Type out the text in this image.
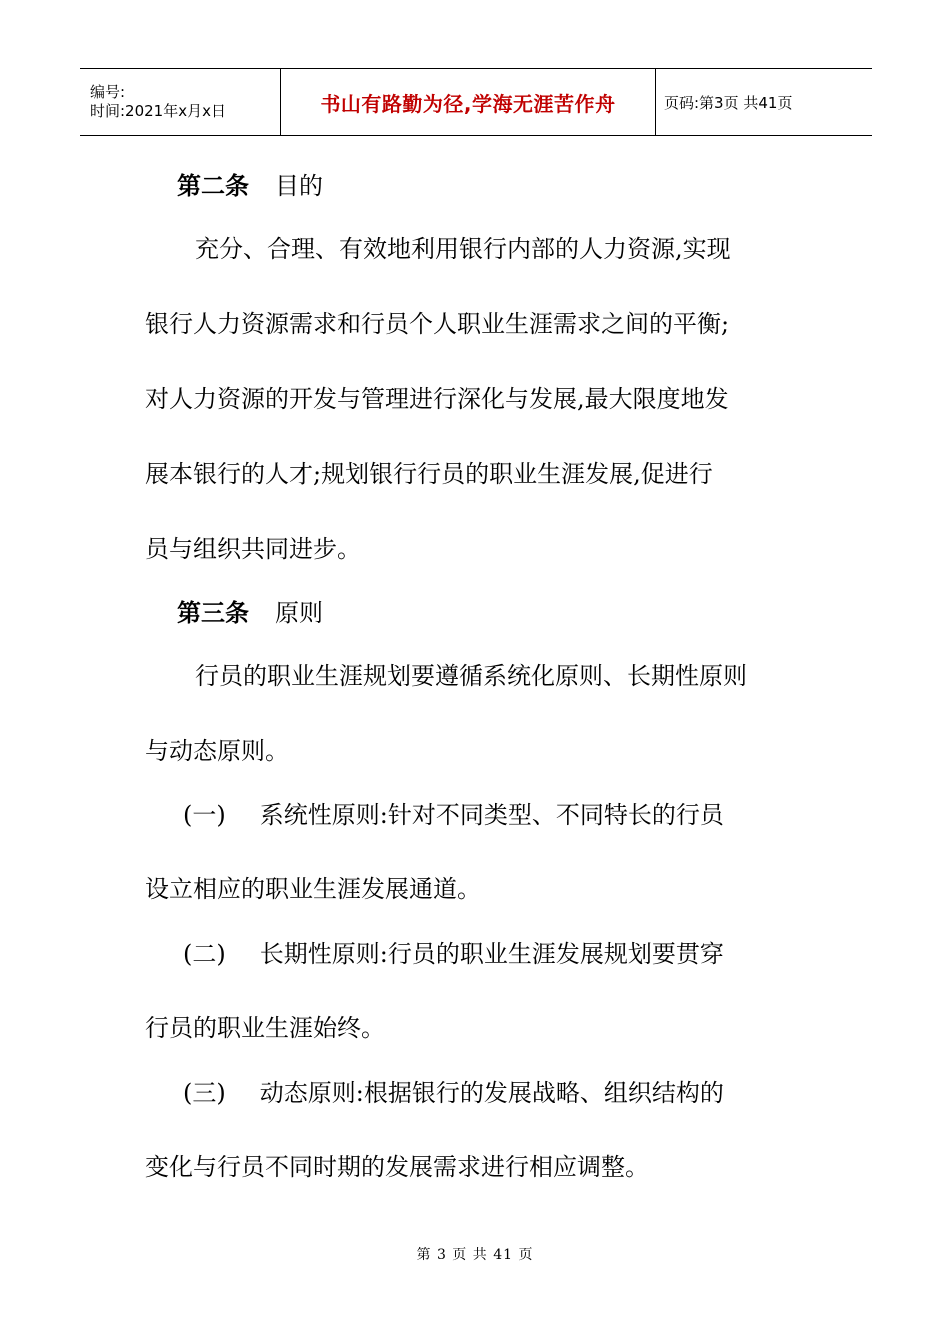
编号:
时间:2021年x月x日	书山有路勤为径,学海无涯苦作舟	页码:第3页 共41页

第二条 目的

充分、合理、有效地利用银行内部的人力资源,实现

银行人力资源需求和行员个人职业生涯需求之间的平衡;

对人力资源的开发与管理进行深化与发展,最大限度地发

展本银行的人才;规划银行行员的职业生涯发展,促进行

员与组织共同进步。

第三条 原则

行员的职业生涯规划要遵循系统化原则、长期性原则

与动态原则。

(一) 系统性原则:针对不同类型、不同特长的行员

设立相应的职业生涯发展通道。

(二) 长期性原则:行员的职业生涯发展规划要贯穿

行员的职业生涯始终。

(三) 动态原则:根据银行的发展战略、组织结构的

变化与行员不同时期的发展需求进行相应调整。

第 3 页 共 41 页
